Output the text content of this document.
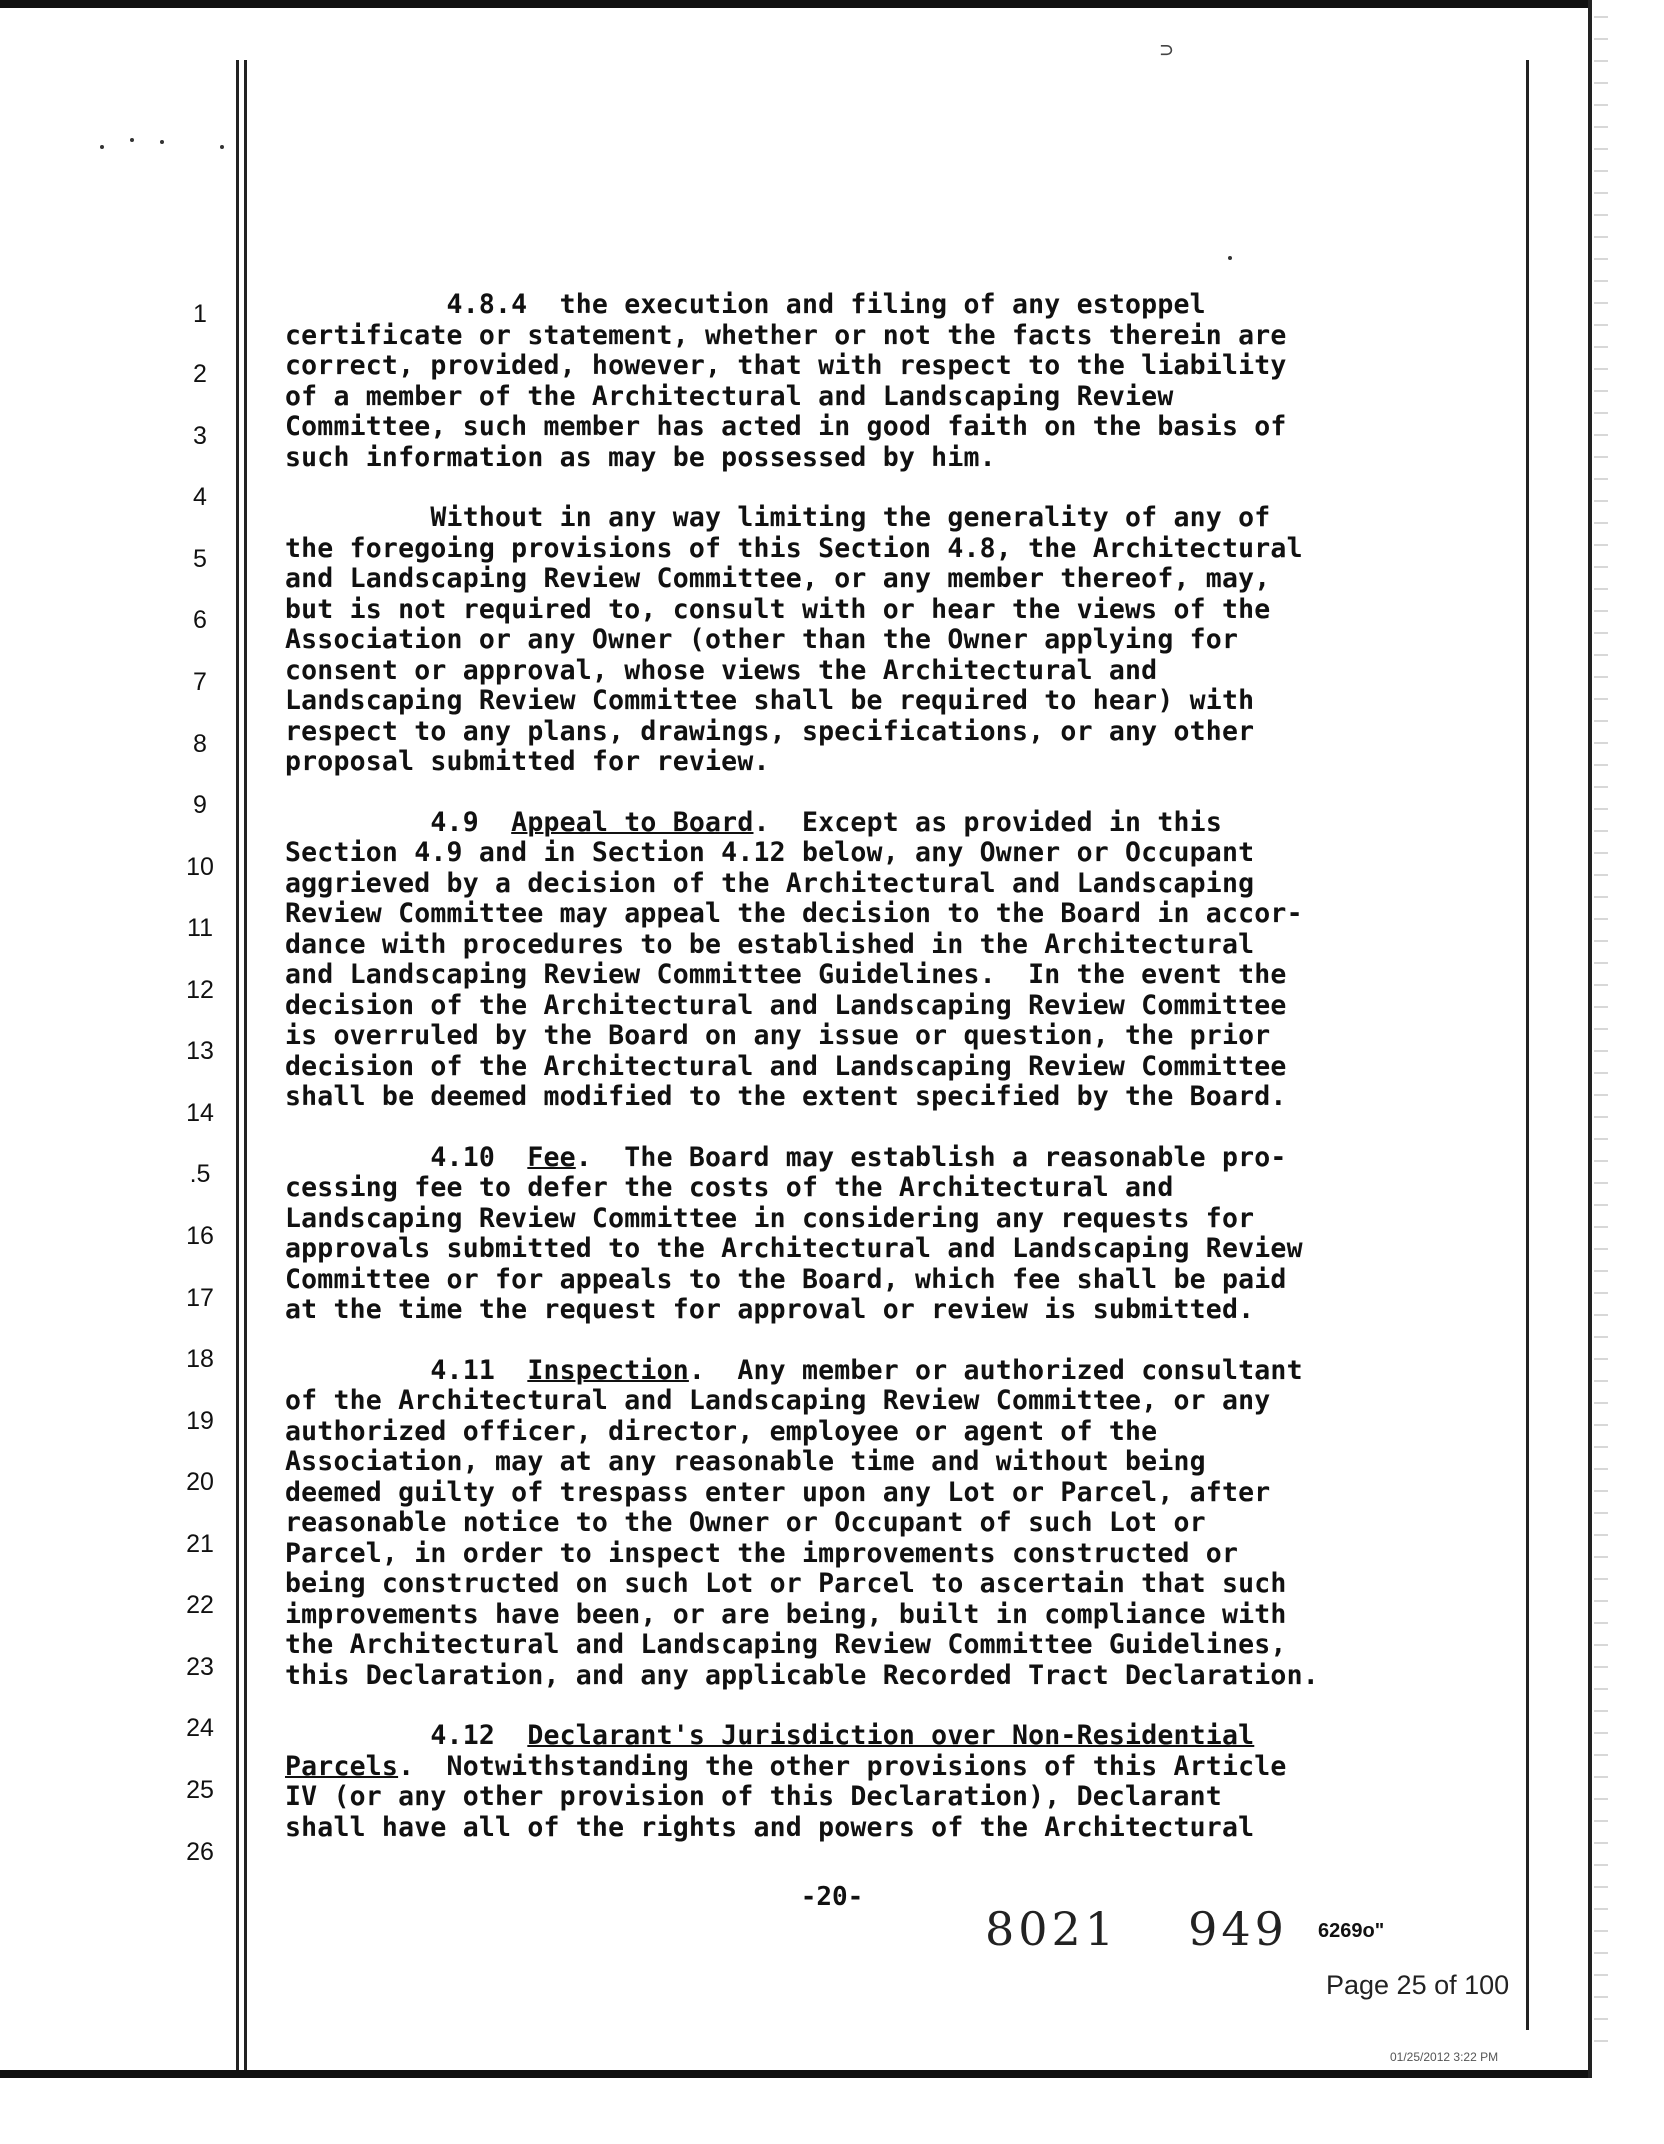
⊃
1
2
3
4
5
6
7
8
9
10
11
12
13
14
.5
16
17
18
19
20
21
22
23
24
25
26

4.8.4  the execution and filing of any estoppel
certificate or statement, whether or not the facts therein are
correct, provided, however, that with respect to the liability
of a member of the Architectural and Landscaping Review
Committee, such member has acted in good faith on the basis of
such information as may be possessed by him.

Without in any way limiting the generality of any of
the foregoing provisions of this Section 4.8, the Architectural
and Landscaping Review Committee, or any member thereof, may,
but is not required to, consult with or hear the views of the
Association or any Owner (other than the Owner applying for
consent or approval, whose views the Architectural and
Landscaping Review Committee shall be required to hear) with
respect to any plans, drawings, specifications, or any other
proposal submitted for review.

4.9  Appeal to Board.  Except as provided in this
Section 4.9 and in Section 4.12 below, any Owner or Occupant
aggrieved by a decision of the Architectural and Landscaping
Review Committee may appeal the decision to the Board in accor-
dance with procedures to be established in the Architectural
and Landscaping Review Committee Guidelines.  In the event the
decision of the Architectural and Landscaping Review Committee
is overruled by the Board on any issue or question, the prior
decision of the Architectural and Landscaping Review Committee
shall be deemed modified to the extent specified by the Board.

4.10  Fee.  The Board may establish a reasonable pro-
cessing fee to defer the costs of the Architectural and
Landscaping Review Committee in considering any requests for
approvals submitted to the Architectural and Landscaping Review
Committee or for appeals to the Board, which fee shall be paid
at the time the request for approval or review is submitted.

4.11  Inspection.  Any member or authorized consultant
of the Architectural and Landscaping Review Committee, or any
authorized officer, director, employee or agent of the
Association, may at any reasonable time and without being
deemed guilty of trespass enter upon any Lot or Parcel, after
reasonable notice to the Owner or Occupant of such Lot or
Parcel, in order to inspect the improvements constructed or
being constructed on such Lot or Parcel to ascertain that such
improvements have been, or are being, built in compliance with
the Architectural and Landscaping Review Committee Guidelines,
this Declaration, and any applicable Recorded Tract Declaration.

4.12  Declarant's Jurisdiction over Non-Residential
Parcels.  Notwithstanding the other provisions of this Article
IV (or any other provision of this Declaration), Declarant
shall have all of the rights and powers of the Architectural

-20-
8021 949 6269o"
Page 25 of 100
01/25/2012 3:22 PM
